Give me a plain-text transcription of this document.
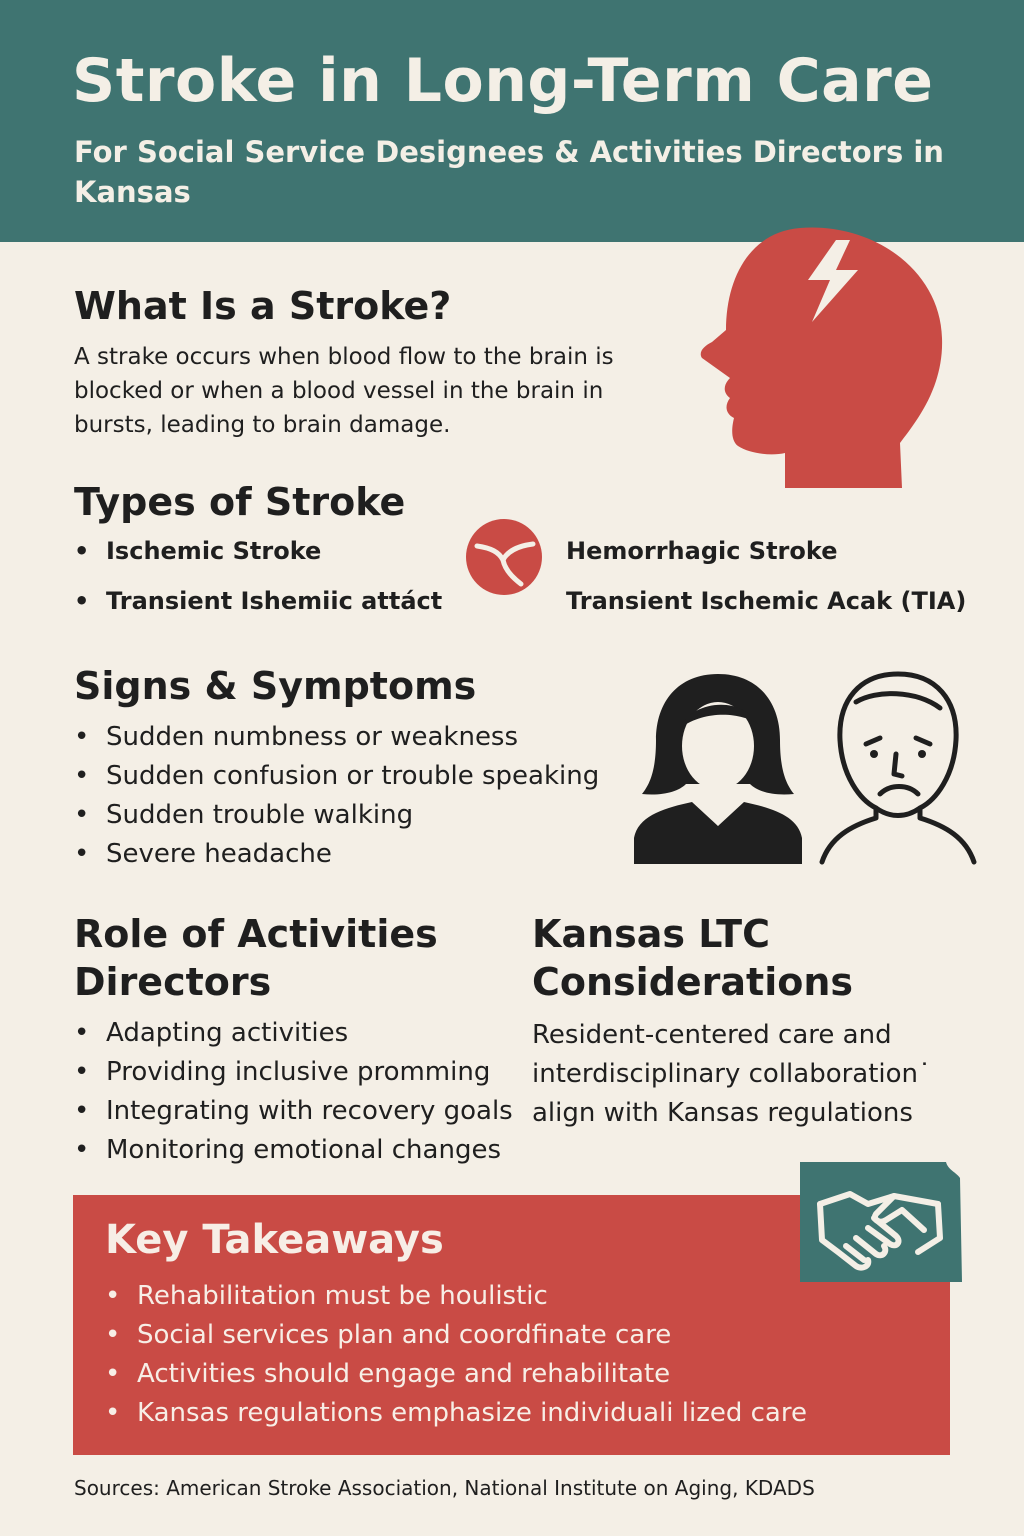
Stroke in Long-Term Care

For Social Service Designees & Activities Directors in Kansas

What Is a Stroke?

A strake occurs when blood flow to the brain is blocked or when a blood vessel in the brain in bursts, leading to brain damage.

Types of Stroke
• Ischemic Stroke
• Transient Ishemiic attáct
Hemorrhagic Stroke
Transient Ischemic Acak (TIA)
Signs & Symptoms
• Sudden numbness or weakness
• Sudden confusion or trouble speaking
• Sudden trouble walking
• Severe headache
Role of Activities
Directors
• Adapting activities
• Providing inclusive promming
• Integrating with recovery goals
• Monitoring emotional changes
Kansas LTC
Considerations

Resident-centered care and interdisciplinary collaboration˙ align with Kansas regulations

Key Takeaways
• Rehabilitation must be houlistic
• Social services plan and coordfinate care
• Activities should engage and rehabilitate
• Kansas regulations emphasize individuali lized care

Sources: American Stroke Association, National Institute on Aging, KDADS
